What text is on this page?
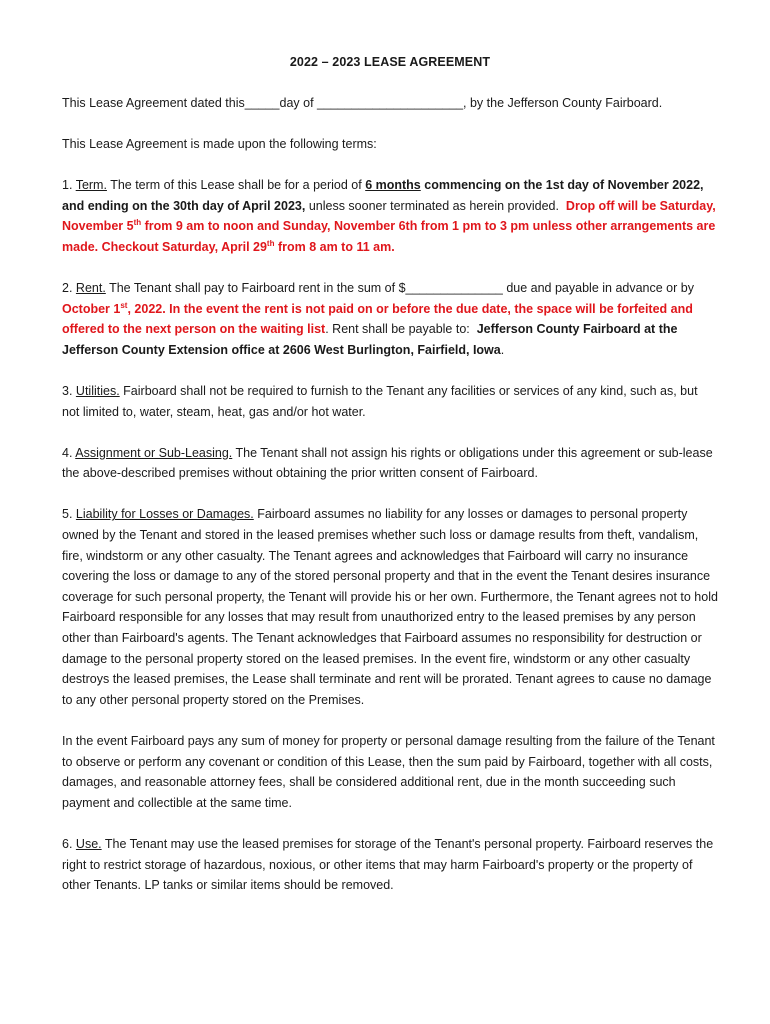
2022 – 2023 LEASE AGREEMENT

This Lease Agreement dated this_____day of _____________________, by the Jefferson County Fairboard.

This Lease Agreement is made upon the following terms:

1. Term. The term of this Lease shall be for a period of 6 months commencing on the 1st day of November 2022, and ending on the 30th day of April 2023, unless sooner terminated as herein provided. Drop off will be Saturday, November 5th from 9 am to noon and Sunday, November 6th from 1 pm to 3 pm unless other arrangements are made. Checkout Saturday, April 29th from 8 am to 11 am.

2. Rent. The Tenant shall pay to Fairboard rent in the sum of $______________ due and payable in advance or by October 1st, 2022. In the event the rent is not paid on or before the due date, the space will be forfeited and offered to the next person on the waiting list. Rent shall be payable to: Jefferson County Fairboard at the Jefferson County Extension office at 2606 West Burlington, Fairfield, Iowa.

3. Utilities. Fairboard shall not be required to furnish to the Tenant any facilities or services of any kind, such as, but not limited to, water, steam, heat, gas and/or hot water.

4. Assignment or Sub-Leasing. The Tenant shall not assign his rights or obligations under this agreement or sub-lease the above-described premises without obtaining the prior written consent of Fairboard.

5. Liability for Losses or Damages. Fairboard assumes no liability for any losses or damages to personal property owned by the Tenant and stored in the leased premises whether such loss or damage results from theft, vandalism, fire, windstorm or any other casualty. The Tenant agrees and acknowledges that Fairboard will carry no insurance covering the loss or damage to any of the stored personal property and that in the event the Tenant desires insurance coverage for such personal property, the Tenant will provide his or her own. Furthermore, the Tenant agrees not to hold Fairboard responsible for any losses that may result from unauthorized entry to the leased premises by any person other than Fairboard's agents. The Tenant acknowledges that Fairboard assumes no responsibility for destruction or damage to the personal property stored on the leased premises. In the event fire, windstorm or any other casualty destroys the leased premises, the Lease shall terminate and rent will be prorated. Tenant agrees to cause no damage to any other personal property stored on the Premises.

In the event Fairboard pays any sum of money for property or personal damage resulting from the failure of the Tenant to observe or perform any covenant or condition of this Lease, then the sum paid by Fairboard, together with all costs, damages, and reasonable attorney fees, shall be considered additional rent, due in the month succeeding such payment and collectible at the same time.

6. Use. The Tenant may use the leased premises for storage of the Tenant's personal property. Fairboard reserves the right to restrict storage of hazardous, noxious, or other items that may harm Fairboard's property or the property of other Tenants. LP tanks or similar items should be removed.
